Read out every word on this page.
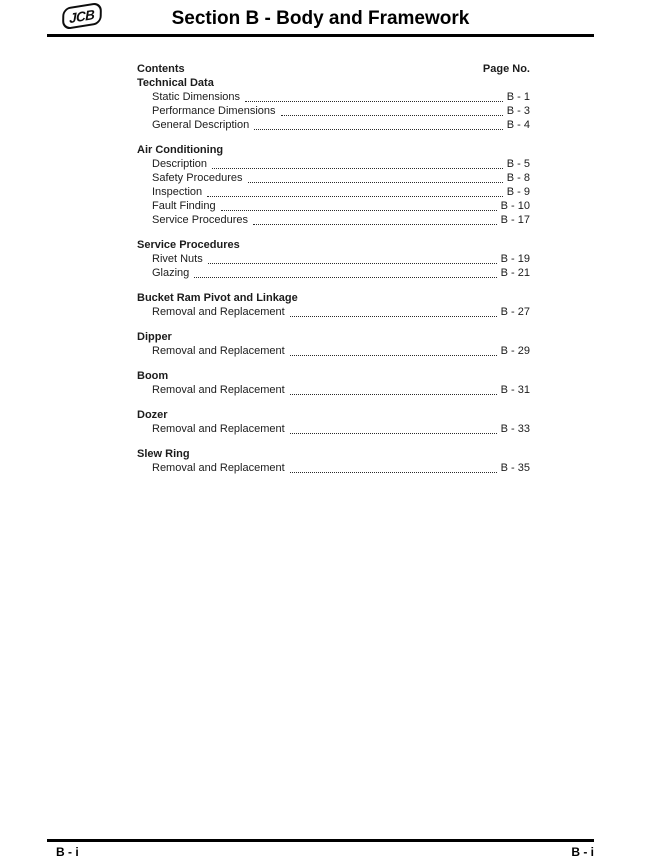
JCB	Section B - Body and Framework
Contents	Page No.
Technical Data
Static Dimensions	B - 1
Performance Dimensions	B - 3
General Description	B - 4
Air Conditioning
Description	B - 5
Safety Procedures	B - 8
Inspection	B - 9
Fault Finding	B - 10
Service Procedures	B - 17
Service Procedures
Rivet Nuts	B - 19
Glazing	B - 21
Bucket Ram Pivot and Linkage
Removal and Replacement	B - 27
Dipper
Removal and Replacement	B - 29
Boom
Removal and Replacement	B - 31
Dozer
Removal and Replacement	B - 33
Slew Ring
Removal and Replacement	B - 35
B - i	B - i
